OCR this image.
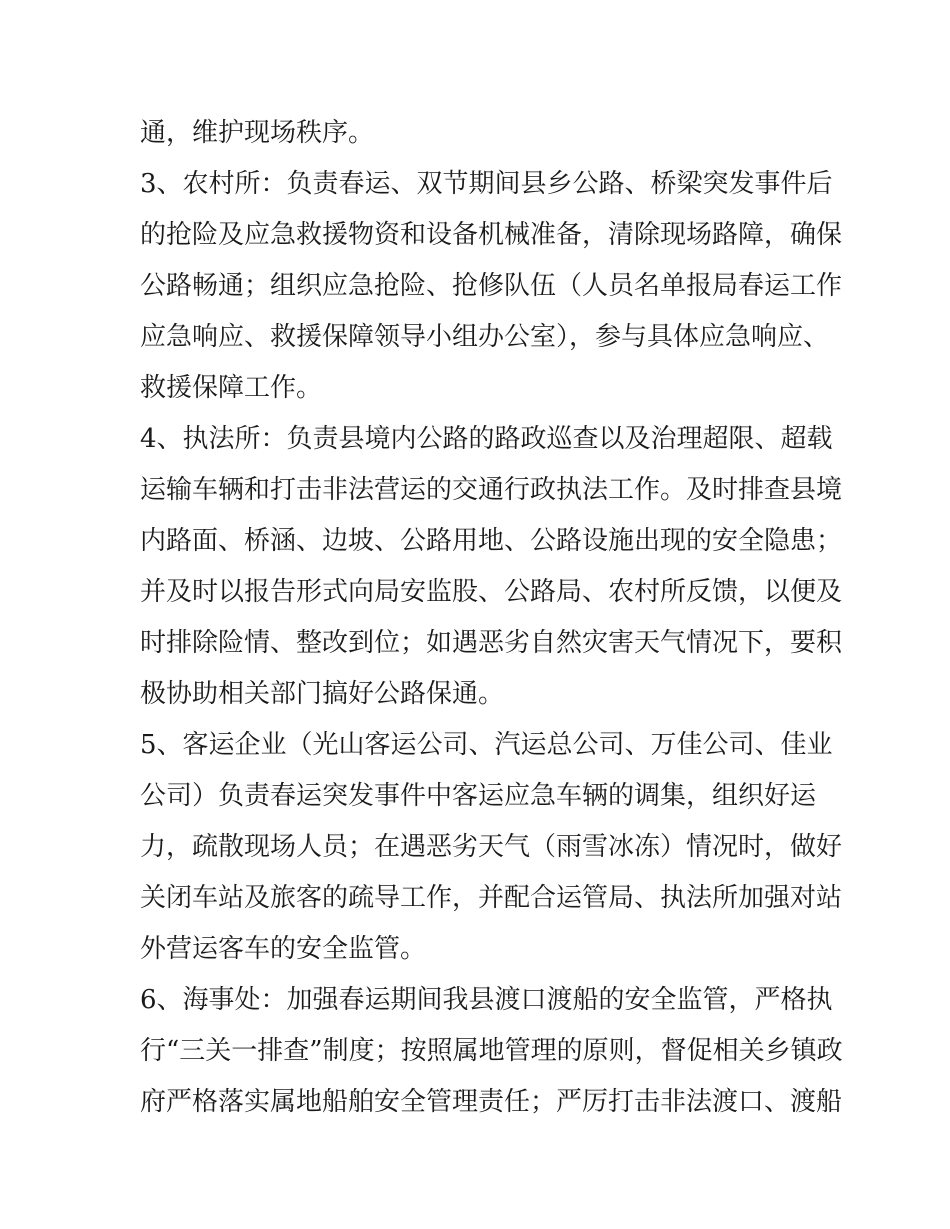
通，维护现场秩序。
3、农村所：负责春运、双节期间县乡公路、桥梁突发事件后
的抢险及应急救援物资和设备机械准备，清除现场路障，确保
公路畅通；组织应急抢险、抢修队伍（人员名单报局春运工作
应急响应、救援保障领导小组办公室），参与具体应急响应、
救援保障工作。
4、执法所：负责县境内公路的路政巡查以及治理超限、超载
运输车辆和打击非法营运的交通行政执法工作。及时排查县境
内路面、桥涵、边坡、公路用地、公路设施出现的安全隐患；
并及时以报告形式向局安监股、公路局、农村所反馈，以便及
时排除险情、整改到位；如遇恶劣自然灾害天气情况下，要积
极协助相关部门搞好公路保通。
5、客运企业（光山客运公司、汽运总公司、万佳公司、佳业
公司）负责春运突发事件中客运应急车辆的调集，组织好运
力，疏散现场人员；在遇恶劣天气（雨雪冰冻）情况时，做好
关闭车站及旅客的疏导工作，并配合运管局、执法所加强对站
外营运客车的安全监管。
6、海事处：加强春运期间我县渡口渡船的安全监管，严格执
行“三关一排查”制度；按照属地管理的原则，督促相关乡镇政
府严格落实属地船舶安全管理责任；严厉打击非法渡口、渡船
